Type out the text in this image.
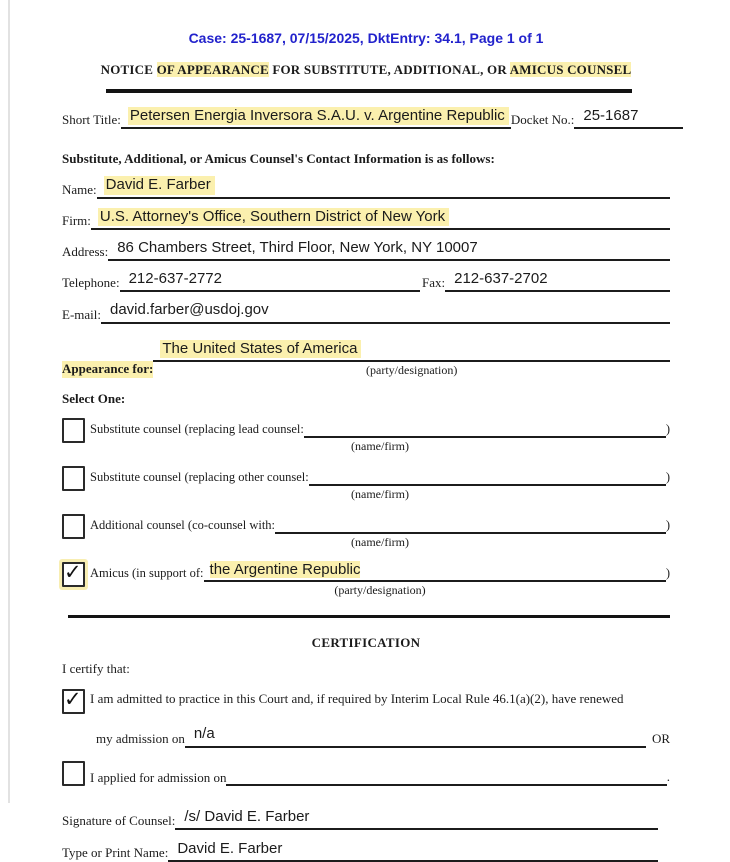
Case: 25-1687, 07/15/2025, DktEntry: 34.1, Page 1 of 1
NOTICE OF APPEARANCE FOR SUBSTITUTE, ADDITIONAL, OR AMICUS COUNSEL
Short Title: Petersen Energia Inversora S.A.U. v. Argentine Republic Docket No.: 25-1687
Substitute, Additional, or Amicus Counsel's Contact Information is as follows:
Name: David E. Farber
Firm: U.S. Attorney's Office, Southern District of New York
Address: 86 Chambers Street, Third Floor, New York, NY 10007
Telephone: 212-637-2772	Fax: 212-637-2702
E-mail: david.farber@usdoj.gov
Appearance for:
The United States of America
(party/designation)
Select One:
Substitute counsel (replacing lead counsel:	)
(name/firm)
Substitute counsel (replacing other counsel:	)
(name/firm)
Additional counsel (co-counsel with:	)
(name/firm)
✓ Amicus (in support of: the Argentine Republic	)
(party/designation)
CERTIFICATION
I certify that:
✓ I am admitted to practice in this Court and, if required by Interim Local Rule 46.1(a)(2), have renewed
my admission on n/a	OR
I applied for admission on	.
Signature of Counsel: /s/ David E. Farber
Type or Print Name: David E. Farber
